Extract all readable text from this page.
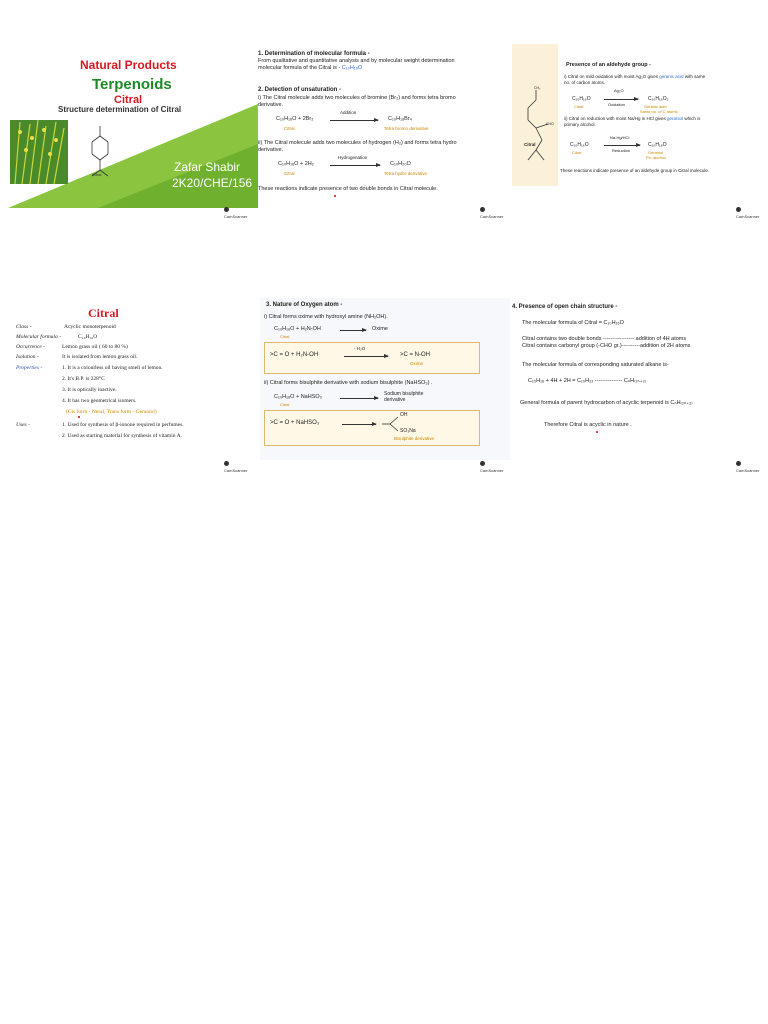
Natural Products
Terpenoids
Citral
Structure determination of Citral
Citral
Zafar Shabir
2K20/CHE/156
CamScanner
1. Determination of molecular formula -
From qualitative and quantitative analysis and by molecular weight determination
molecular formula of the Citral is - C₁₀H₁₆O
2. Detection of unsaturation -
i) The Citral molecule adds two molecules of bromine (Br₂) and forms tetra bromo
derivative.
C₁₀H₁₆O + 2Br₂
Addition
C₁₀H₁₆Br₄
Citral	Tetra bromo derivative
ii) The Citral molecule adds two molecules of hydrogen (H₂) and forms tetra hydro
derivative.
C₁₀H₁₆O + 2H₂
Hydrogenation
C₁₀H₂₀O
Citral	Tetra hydro derivative
These reactions indicate presence of two double bonds in Citral molecule.
CamScanner
CH₃
CHO
Citral
Presence of an aldehyde group -
i) Citral on mild oxidation with moist Ag₂O gives geranic acid with same
no. of carbon atoms.
C₁₀H₁₆O
Ag₂O
Oxidation
C₁₀H₁₆O₂
Citral	Geranic acid
Same no. of C atoms
ii) Citral on reduction with moist Na/Hg in HCl gives geraniol which is
primary alcohol.
C₁₀H₁₆O
Na-Hg/HCl
Reduction
C₁₀H₁₈O
Citral	Geraniol
Pri. alcohol
These reactions indicate presence of an aldehyde group in Citral molecule.
CamScanner
Citral
Class -	Acyclic monoterpenoid
Molecular formula -	C₁₀H₁₆O
Occurrence -	Lemon grass oil ( 60 to 80 %)
Isolation -	It is isolated from lemon grass oil.
Properties -	1. It is a colourless oil having smell of lemon.
2. It's B.P. is 228°C
3. It is optically inactive.
4. It has two geometrical isomers.
(Cis form - Neral, Trans form - Geraniol)
Uses -	1. Used for synthesis of β-ionone required in perfumes.
2. Used as starting material for synthesis of vitamin A.
CamScanner
3. Nature of Oxygen atom -
i) Citral forms oxime with hydroxyl amine (NH₂OH).
C₁₀H₁₆O + H₂N-OH	Oxime
Citral
>C = O + H₂N-OH
- H₂O
>C = N-OH
Oxime
ii) Citral forms bisulphite derivative with sodium bisulphite (NaHSO₃) .
C₁₀H₁₆O + NaHSO₃	Sodium bisulphite
derivative
Citral
>C = O + NaHSO₃
OH
SO₃Na
Bisulphite derivative
CamScanner
4. Presence of open chain structure -
The molecular formula of Citral = C₁₀H₁₆O
Citral contains two double bonds ----------------- addition of 4H atoms
Citral contains carbonyl group (-CHO gr.)----------addition of 2H atoms
The molecular formula of corresponding saturated alkane is-
C₁₀H₁₆ + 4H + 2H = C₁₀H₂₂ --------------- CₙH₍₂ₙ₊₂₎
General formula of parent hydrocarbon of acyclic terpenoid is CₙH₍₂ₙ₊₂₎
Therefore Citral is acyclic in nature .
CamScanner
